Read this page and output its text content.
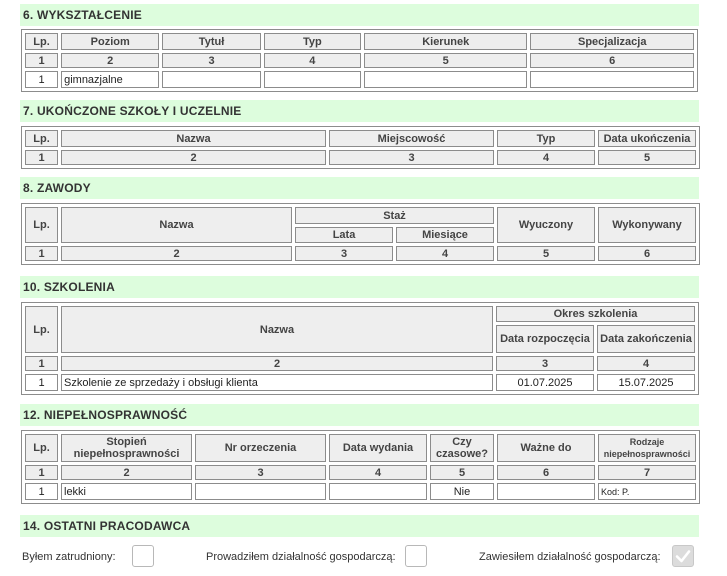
6. WYKSZTAŁCENIE
Lp.	Poziom	Tytuł	Typ	Kierunek	Specjalizacja
1	2	3	4	5	6
1	gimnazjalne				
7. UKOŃCZONE SZKOŁY I UCZELNIE
Lp.	Nazwa	Miejscowość	Typ	Data ukończenia
1	2	3	4	5
8. ZAWODY
Lp.	Nazwa	Staż		Wyuczony	Wykonywany
		Lata	Miesiące		
1	2	3	4	5	6
10. SZKOLENIA
Lp.	Nazwa	Okres szkolenia	
		Data rozpoczęcia	Data zakończenia
1	2	3	4
1	Szkolenie ze sprzedaży i obsługi klienta	01.07.2025	15.07.2025
12. NIEPEŁNOSPRAWNOŚĆ
Lp.	Stopień niepełnosprawności	Nr orzeczenia	Data wydania	Czy czasowe?	Ważne do	Rodzaje niepełnosprawności
1	2	3	4	5	6	7
1	lekki			Nie		Kod: P.
14. OSTATNI PRACODAWCA
Byłem zatrudniony:	Prowadziłem działalność gospodarczą:	Zawiesiłem działalność gospodarczą:
